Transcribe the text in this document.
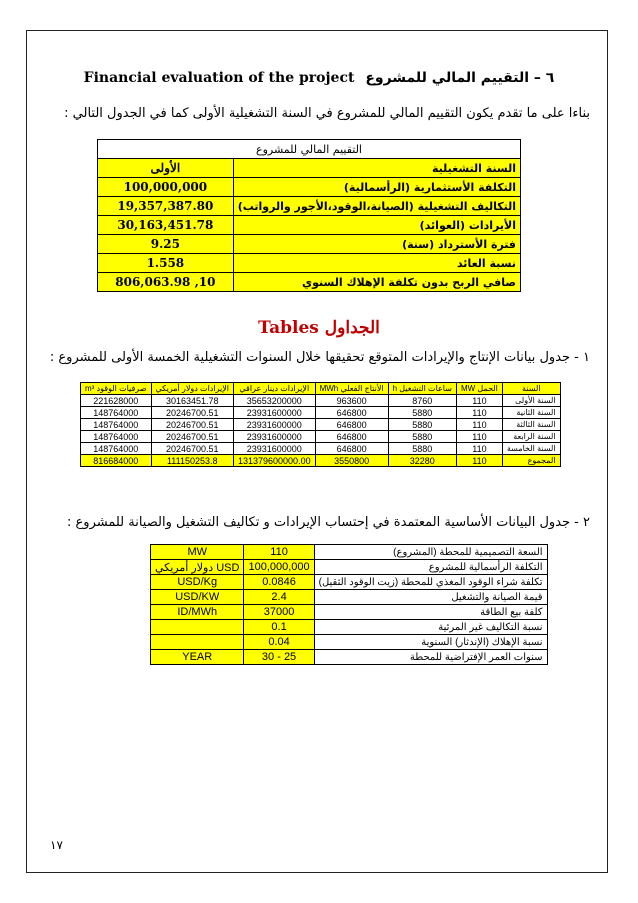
٦ – التقييم المالي للمشروع Financial evaluation of the project
بناءا على ما تقدم يكون التقييم المالي للمشروع في السنة التشغيلية الأولى كما في الجدول التالي :
التقييم المالي للمشروع	
السنة التشغيلية	الأولى
التكلفة الأستثمارية (الرأسمالية)	100,000,000
التكاليف التشغيلية (الصيانة،الوقود،الأجور والرواتب)	19,357,387.80
الأيرادات (العوائد)	30,163,451.78
فترة الأسترداد (سنة)	9.25
نسبة العائد	1.558
صافي الربح بدون تكلفة الإهلاك السنوي	10, 806,063.98
الجداول Tables
١ - جدول بيانات الإنتاج والإيرادات المتوقع تحقيقها خلال السنوات التشغيلية الخمسة الأولى للمشروع :
السنة	الحمل MW	ساعات التشغيل h	الأنتاج الفعلي MWh	الإيرادات دينار عراقي	الإيرادات دولار أمريكي	صرفيات الوقود m³
السنة الأولى	110	8760	963600	35653200000	30163451.78	221628000
السنة الثانية	110	5880	646800	23931600000	20246700.51	148764000
السنة الثالثة	110	5880	646800	23931600000	20246700.51	148764000
السنة الرابعة	110	5880	646800	23931600000	20246700.51	148764000
السنة الخامسة	110	5880	646800	23931600000	20246700.51	148764000
المجموع	110	32280	3550800	131379600000.00	111150253.8	816684000
٢ - جدول البيانات الأساسية المعتمدة في إحتساب الإيرادات و تكاليف التشغيل والصيانة للمشروع :
السعة التصميمية للمحطة (المشروع)	110	MW
التكلفة الرأسمالية للمشروع	100,000,000	USD دولار أمريكي
تكلفة شراء الوقود المغذي للمحطة (زيت الوقود الثقيل)	0.0846	USD/Kg
قيمة الصيانة والتشغيل	2.4	USD/KW
كلفة بيع الطاقة	37000	ID/MWh
نسبة التكاليف غير المرئية	0.1	
نسبة الإهلاك (الإندثار) السنوية	0.04	
سنوات العمر الإفتراضية للمحطة	25 - 30	YEAR
١٧
